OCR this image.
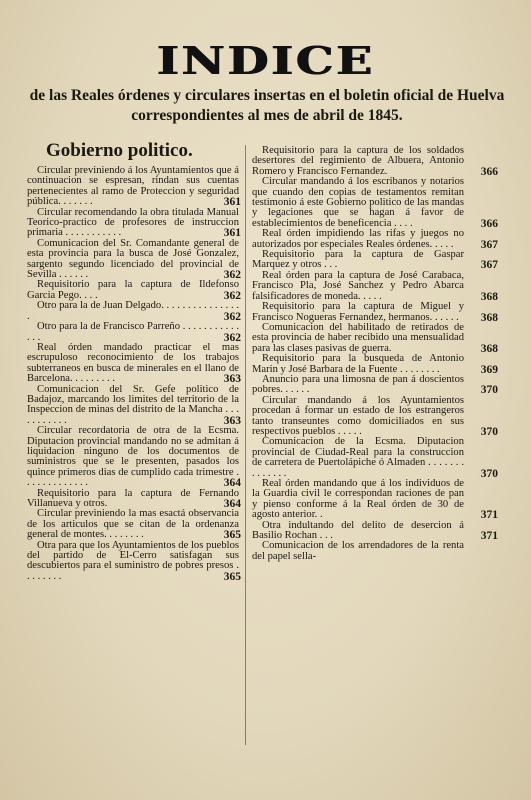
INDICE
de las Reales órdenes y circulares insertas en el boletin oficial de Huelva correspondientes al mes de abril de 1845.
Gobierno politico.
Circular previniendo á los Ayuntamientos que á continuacion se espresan, rindan sus cuentas pertenecientes al ramo de Proteccion y seguridad pública. . . . . . .	361
Circular recomendando la obra titulada Manual Teorico-practico de profesores de instruccion primaria . . . . . . . . . . .	361
Comunicacion del Sr. Comandante general de esta provincia para la busca de José Gonzalez, sargento segundo licenciado del provincial de Sevilla . . . . . .	362
Requisitorio para la captura de Ildefonso Garcia Pego. . . .	362
Otro para la de Juan Delgado. . . . . . . . . . . . . . . .	362
Otro para la de Francisco Parreño . . . . . . . . . . . . . .	362
Real órden mandado practicar el mas escrupuloso reconocimiento de los trabajos subterraneos en busca de minerales en el llano de Barcelona. . . . . . . . .	363
Comunicacion del Sr. Gefe politico de Badajoz, marcando los limites del territorio de la Inspeccion de minas del distrito de la Mancha . . . . . . . . . . .	363
Circular recordatoria de otra de la Ecsma. Diputacion provincial mandando no se admitan á liquidacion ninguno de los documentos de suministros que se le presenten, pasados los quince primeros dias de cumplido cada trimestre . . . . . . . . . . . . .	364
Requisitorio para la captura de Fernando Villanueva y otros.	364
Circular previniendo la mas esactá observancia de los articulos que se citan de la ordenanza general de montes. . . . . . . .	365
Otra para que los Ayuntamientos de los pueblos del partido de El-Cerro satisfagan sus descubiertos para el suministro de pobres presos . . . . . . . .	365
Requisitorio para la captura de los soldados desertores del regimiento de Albuera, Antonio Romero y Francisco Fernandez.	366
Circular mandando á los escribanos y notarios que cuando den copias de testamentos remitan testimonio á este Gobierno politico de las mandas y legaciones que se hagan á favor de establecimientos de beneficencia . . . .	366
Real órden impidiendo las rifas y juegos no autorizados por especiales Reales órdenes. . . . . 367
Requisitorio para la captura de Gaspar Marquez y otros . . .	367
Real órden para la captura de José Carabaca, Francisco Pla, José Sanchez y Pedro Abarca falsificadores de moneda. . . . .	368
Requisitorio para la captura de Miguel y Francisco Nogueras Fernandez, hermanos. . . . . . 368
Comunicacion del habilitado de retirados de esta provincia de haber recibido una mensualidad para las clases pasivas de guerra.	368
Requisitorio para la busqueda de Antonio Marin y José Barbara de la Fuente . . . . . . . .	369
Anuncio para una limosna de pan á doscientos pobres. . . . . .	370
Circular mandando á los Ayuntamientos procedan á formar un estado de los estrangeros tanto transeuntes como domiciliados en sus respectivos pueblos . . . . .	370
Comunicacion de la Ecsma. Diputacion provincial de Ciudad-Real para la construccion de carretera de Puertolápiche ó Almaden . . . . . . . . . . . . . .	370
Real órden mandando que á los individuos de la Guardia civil le correspondan raciones de pan y pienso conforme á la Real órden de 30 de agosto anterior. .	371
Otra indultando del delito de desercion á Basilio Rochan . . .	371
Comunicacion de los arrendadores de la renta del papel sella-
